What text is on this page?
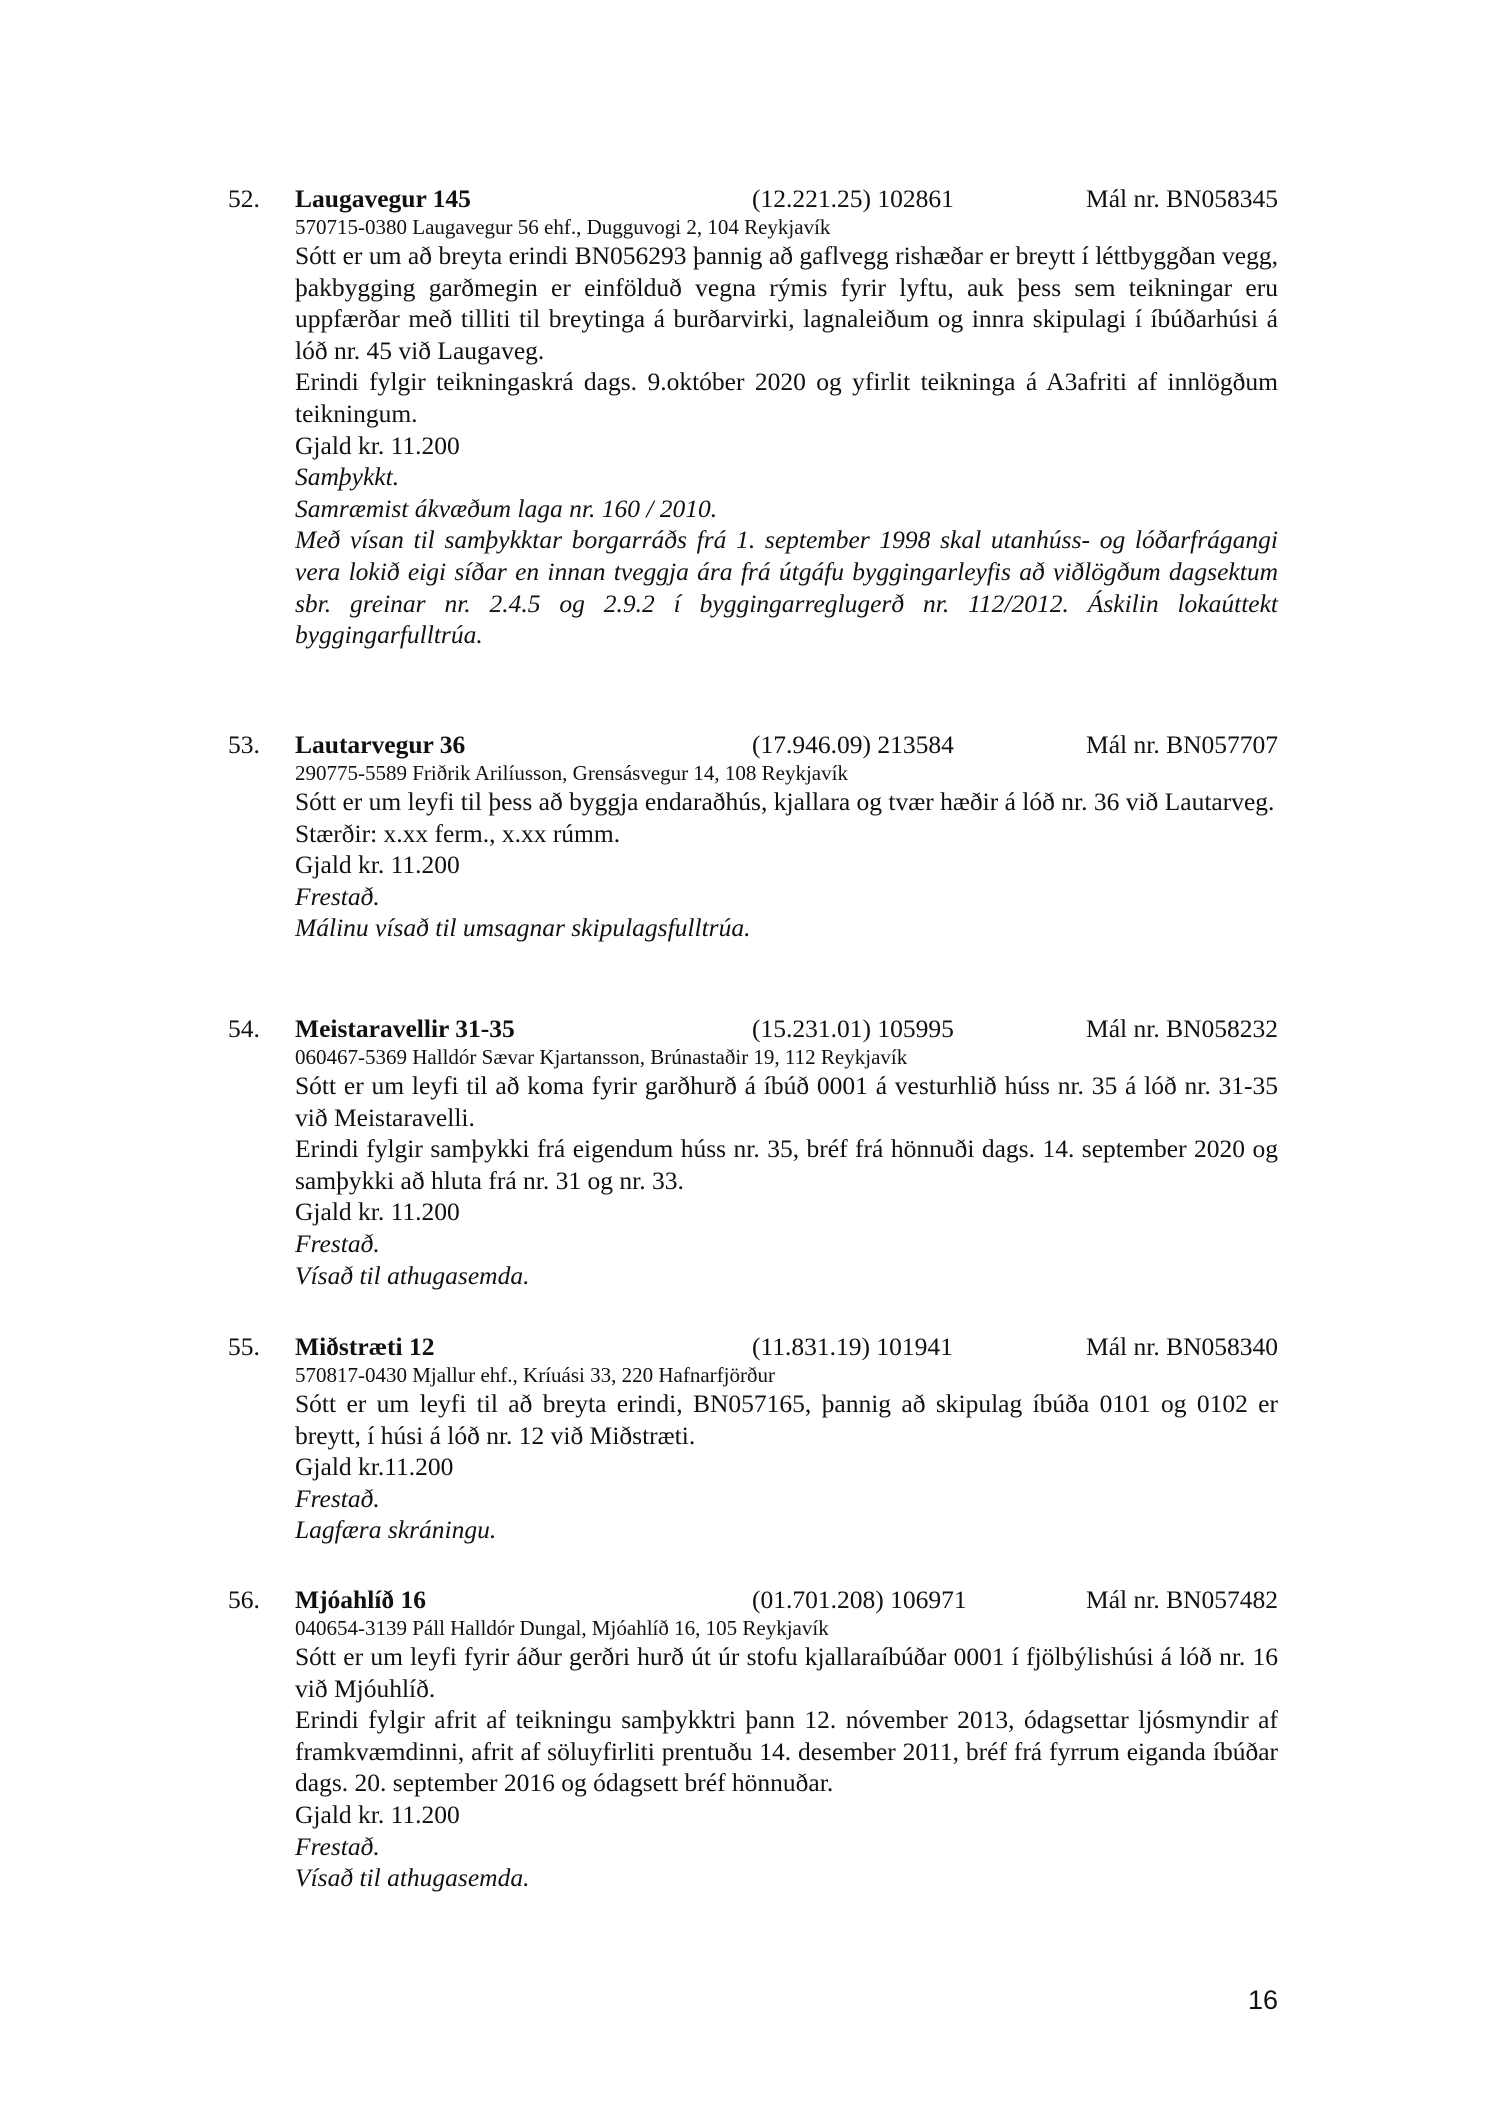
52. Laugavegur 145	(12.221.25) 102861	Mál nr. BN058345
570715-0380 Laugavegur 56 ehf., Dugguvogi 2, 104 Reykjavík

Sótt er um að breyta erindi BN056293 þannig að gaflvegg rishæðar er breytt í léttbyggðan vegg, þakbygging garðmegin er einfölduð vegna rýmis fyrir lyftu, auk þess sem teikningar eru uppfærðar með tilliti til breytinga á burðarvirki, lagnaleiðum og innra skipulagi í íbúðarhúsi á lóð nr. 45 við Laugaveg.

Erindi fylgir teikningaskrá dags. 9.október 2020 og yfirlit teikninga á A3afriti af innlögðum teikningum.

Gjald kr. 11.200

Samþykkt.

Samræmist ákvæðum laga nr. 160 / 2010.

Með vísan til samþykktar borgarráðs frá 1. september 1998 skal utanhúss- og lóðarfrágangi vera lokið eigi síðar en innan tveggja ára frá útgáfu byggingarleyfis að viðlögðum dagsektum sbr. greinar nr. 2.4.5 og 2.9.2 í byggingarreglugerð nr. 112/2012. Áskilin lokaúttekt byggingarfulltrúa.

53. Lautarvegur 36	(17.946.09) 213584	Mál nr. BN057707
290775-5589 Friðrik Arilíusson, Grensásvegur 14, 108 Reykjavík

Sótt er um leyfi til þess að byggja endaraðhús, kjallara og tvær hæðir á lóð nr. 36 við Lautarveg.

Stærðir: x.xx ferm., x.xx rúmm.

Gjald kr. 11.200

Frestað.

Málinu vísað til umsagnar skipulagsfulltrúa.

54. Meistaravellir 31-35	(15.231.01) 105995	Mál nr. BN058232
060467-5369 Halldór Sævar Kjartansson, Brúnastaðir 19, 112 Reykjavík

Sótt er um leyfi til að koma fyrir garðhurð á íbúð 0001 á vesturhlið húss nr. 35 á lóð nr. 31-35 við Meistaravelli.

Erindi fylgir samþykki frá eigendum húss nr. 35, bréf frá hönnuði dags. 14. september 2020 og samþykki að hluta frá nr. 31 og nr. 33.

Gjald kr. 11.200

Frestað.

Vísað til athugasemda.

55. Miðstræti 12	(11.831.19) 101941	Mál nr. BN058340
570817-0430 Mjallur ehf., Kríuási 33, 220 Hafnarfjörður

Sótt er um leyfi til að breyta erindi, BN057165, þannig að skipulag íbúða 0101 og 0102 er breytt, í húsi á lóð nr. 12 við Miðstræti.

Gjald kr.11.200

Frestað.

Lagfæra skráningu.

56. Mjóahlíð 16	(01.701.208) 106971	Mál nr. BN057482
040654-3139 Páll Halldór Dungal, Mjóahlíð 16, 105 Reykjavík

Sótt er um leyfi fyrir áður gerðri hurð út úr stofu kjallaraíbúðar 0001 í fjölbýlishúsi á lóð nr. 16 við Mjóuhlíð.

Erindi fylgir afrit af teikningu samþykktri þann 12. nóvember 2013, ódagsettar ljósmyndir af framkvæmdinni, afrit af söluyfirliti prentuðu 14. desember 2011, bréf frá fyrrum eiganda íbúðar dags. 20. september 2016 og ódagsett bréf hönnuðar.

Gjald kr. 11.200

Frestað.

Vísað til athugasemda.

16
